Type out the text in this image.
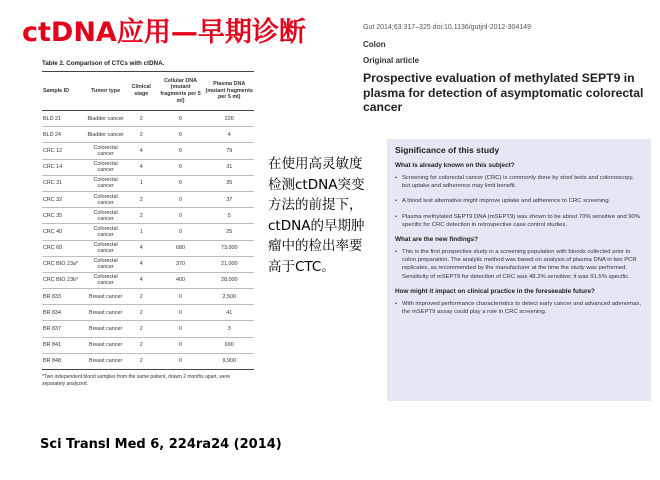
ctDNA应用—早期诊断
Table 2. Comparison of CTCs with ctDNA.
Sample ID	Tumor type	Clinical stage	Cellular DNA (mutant fragments per 5 ml)	Plasma DNA (mutant fragments per 5 ml)
BLD 21	Bladder cancer	2	0	226
BLD 24	Bladder cancer	2	0	4
CRC 12	Colorectal cancer	4	0	79
CRC 14	Colorectal cancer	4	0	31
CRC 31	Colorectal cancer	1	0	35
CRC 32	Colorectal cancer	2	0	37
CRC 35	Colorectal cancer	2	0	5
CRC 40	Colorectal cancer	1	0	25
CRC 60	Colorectal cancer	4	680	73,000
CRC BIO 23a*	Colorectal cancer	4	370	21,000
CRC BIO 23b*	Colorectal cancer	4	400	28,000
BR 833	Breast cancer	2	0	2,500
BR 834	Breast cancer	2	0	41
BR 837	Breast cancer	2	0	3
BR 841	Breast cancer	2	0	690
BR 848	Breast cancer	2	0	9,900
*Two independent blood samples from the same patient, drawn 2 months apart, were separately analyzed.
Sci Transl Med 6, 224ra24 (2014)
在使用高灵敏度
检测ctDNA突变
方法的前提下，
ctDNA的早期肿
瘤中的检出率要
高于CTC。
Gut 2014;63:317–325 doi:10.1136/gutjnl-2012-304149
Colon
Original article
Prospective evaluation of methylated SEPT9 in plasma for detection of asymptomatic colorectal cancer
Significance of this study
What is already known on this subject?
• Screening for colorectal cancer (CRC) is commonly done by stool tests and colonoscopy, but uptake and adherence may limit benefit.
• A blood test alternative might improve uptake and adherence to CRC screening.
• Plasma methylated SEPT9 DNA (mSEPT9) was shown to be about 70% sensitive and 90% specific for CRC detection in retrospective case control studies.
What are the new findings?
• This is the first prospective study in a screening population with bloods collected prior to colon preparation. The analytic method was based on analysis of plasma DNA in two PCR replicates, as recommended by the manufacturer at the time the study was performed. Sensitivity of mSEPT9 for detection of CRC was 48.2% sensitive; it was 91.5% specific.
How might it impact on clinical practice in the foreseeable future?
• With improved performance characteristics to detect early cancer and advanced adenomas, the mSEPT9 assay could play a role in CRC screening.
